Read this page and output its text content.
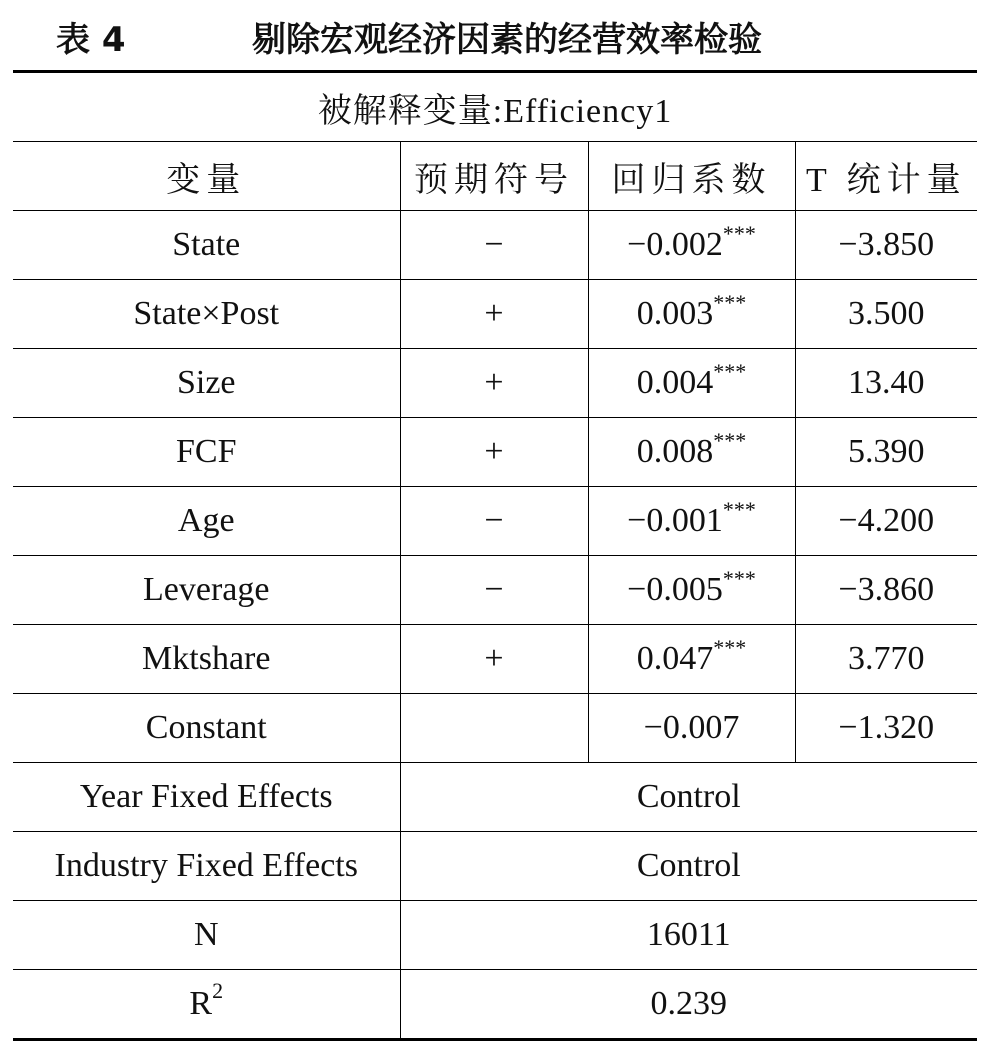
表 4	剔除宏观经济因素的经营效率检验
被解释变量:Efficiency1			
变量	预期符号	回归系数	T 统计量
State	−	−0.002***	−3.850
State×Post	+	0.003***	3.500
Size	+	0.004***	13.40
FCF	+	0.008***	5.390
Age	−	−0.001***	−4.200
Leverage	−	−0.005***	−3.860
Mktshare	+	0.047***	3.770
Constant		−0.007	−1.320
Year Fixed Effects	Control		
Industry Fixed Effects	Control		
N	16011		
$R^2$	0.239		
